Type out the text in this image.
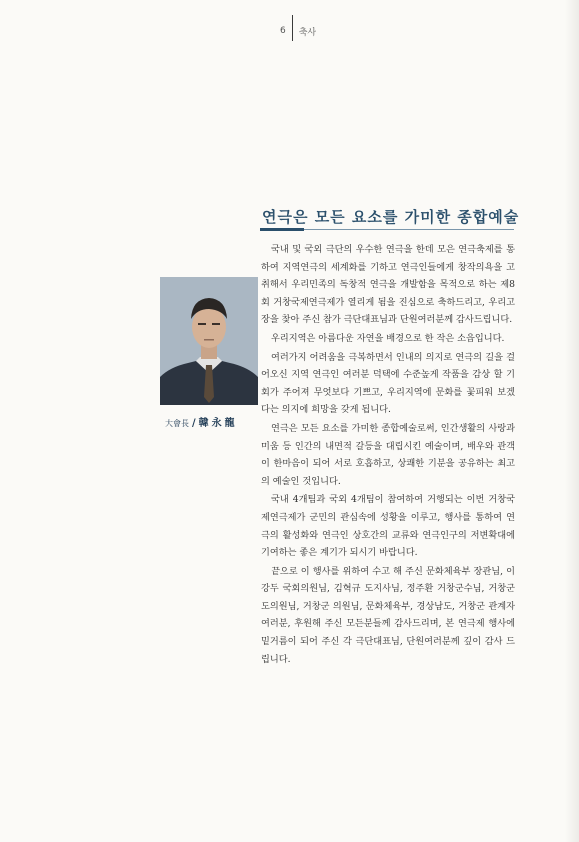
6	축사
연극은 모든 요소를 가미한 종합예술
大會長 / 韓永龍

국내 및 국외 극단의 우수한 연극을 한데 모은 연극축제를 통하여 지역연극의 세계화를 기하고 연극인들에게 창작의욕을 고취해서 우리민족의 독창적 연극을 개발함을 목적으로 하는 제8회 거창국제연극제가 열리게 됨을 진심으로 축하드리고, 우리고장을 찾아 주신 참가 극단대표님과 단원여러분께 감사드립니다.

우리지역은 아름다운 자연을 배경으로 한 작은 소읍입니다.

여러가지 어려움을 극복하면서 인내의 의지로 연극의 길을 걸어오신 지역 연극인 여러분 덕택에 수준높게 작품을 감상 할 기회가 주어져 무엇보다 기쁘고, 우리지역에 문화를 꽃피워 보겠다는 의지에 희망을 갖게 됩니다.

연극은 모든 요소를 가미한 종합예술로써, 인간생활의 사랑과 미움 등 인간의 내면적 갈등을 대립시킨 예술이며, 배우와 관객이 한마음이 되어 서로 호흡하고, 상쾌한 기분을 공유하는 최고의 예술인 것입니다.

국내 4개팀과 국외 4개팀이 참여하여 거행되는 이번 거창국제연극제가 군민의 관심속에 성황을 이루고, 행사를 통하여 연극의 활성화와 연극인 상호간의 교류와 연극인구의 저변확대에 기여하는 좋은 계기가 되시기 바랍니다.

끝으로 이 행사를 위하여 수고 해 주신 문화체육부 장관님, 이강두 국회의원님, 김혁규 도지사님, 정주환 거창군수님, 거창군 도의원님, 거창군 의원님, 문화체육부, 경상남도, 거창군 관계자 여러분, 후원해 주신 모든분들께 감사드리며, 본 연극제 행사에 밑거름이 되어 주신 각 극단대표님, 단원여러분께 깊이 감사 드립니다.
